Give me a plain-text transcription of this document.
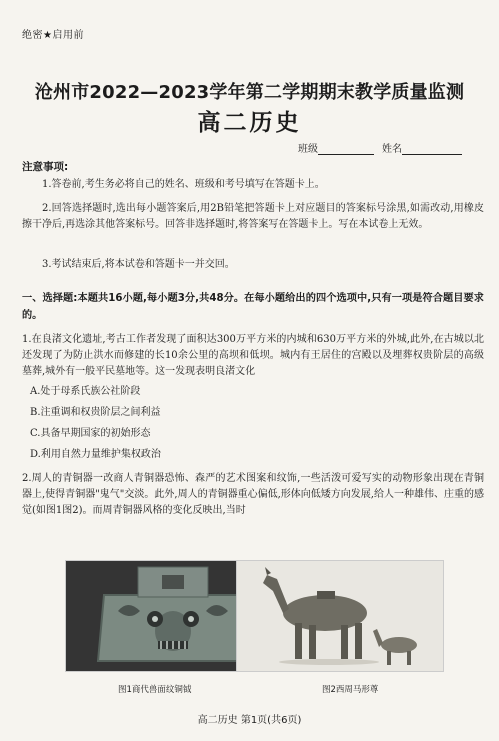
绝密★启用前
沧州市2022—2023学年第二学期期末教学质量监测
高二历史
班级	姓名
注意事项:
1.答卷前,考生务必将自己的姓名、班级和考号填写在答题卡上。
2.回答选择题时,选出每小题答案后,用2B铅笔把答题卡上对应题目的答案标号涂黑,如需改动,用橡皮擦干净后,再选涂其他答案标号。回答非选择题时,将答案写在答题卡上。写在本试卷上无效。
3.考试结束后,将本试卷和答题卡一并交回。
一、选择题:本题共16小题,每小题3分,共48分。在每小题给出的四个选项中,只有一项是符合题目要求的。
1.在良渚文化遗址,考古工作者发现了面积达300万平方米的内城和630万平方米的外城,此外,在古城以北还发现了为防止洪水而修建的长10余公里的高坝和低坝。城内有王居住的宫殿以及埋葬权贵阶层的高级墓葬,城外有一般平民墓地等。这一发现表明良渚文化
A.处于母系氏族公社阶段
B.注重调和权贵阶层之间利益
C.具备早期国家的初始形态
D.利用自然力量维护集权政治
2.周人的青铜器一改商人青铜器恐怖、森严的艺术图案和纹饰,一些活泼可爱写实的动物形象出现在青铜器上,使得青铜器"鬼气"交淡。此外,周人的青铜器重心偏低,形体向低矮方向发展,给人一种雄伟、庄重的感觉(如图1图2)。而周青铜器风格的变化反映出,当时
图1商代兽面纹铜钺	图2西周马形尊
高二历史 第1页(共6页)
